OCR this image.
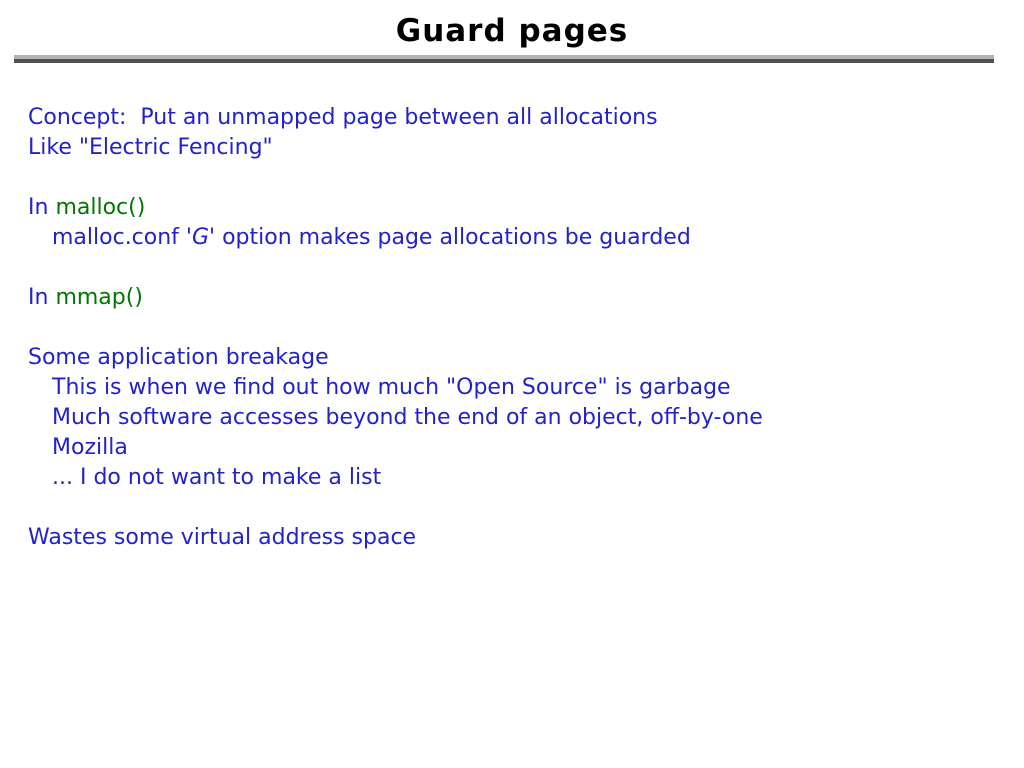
Guard pages
Concept:  Put an unmapped page between all allocations
Like "Electric Fencing"
In malloc()
malloc.conf 'G' option makes page allocations be guarded
In mmap()
Some application breakage
This is when we find out how much "Open Source" is garbage
Much software accesses beyond the end of an object, off-by-one
Mozilla
... I do not want to make a list
Wastes some virtual address space
